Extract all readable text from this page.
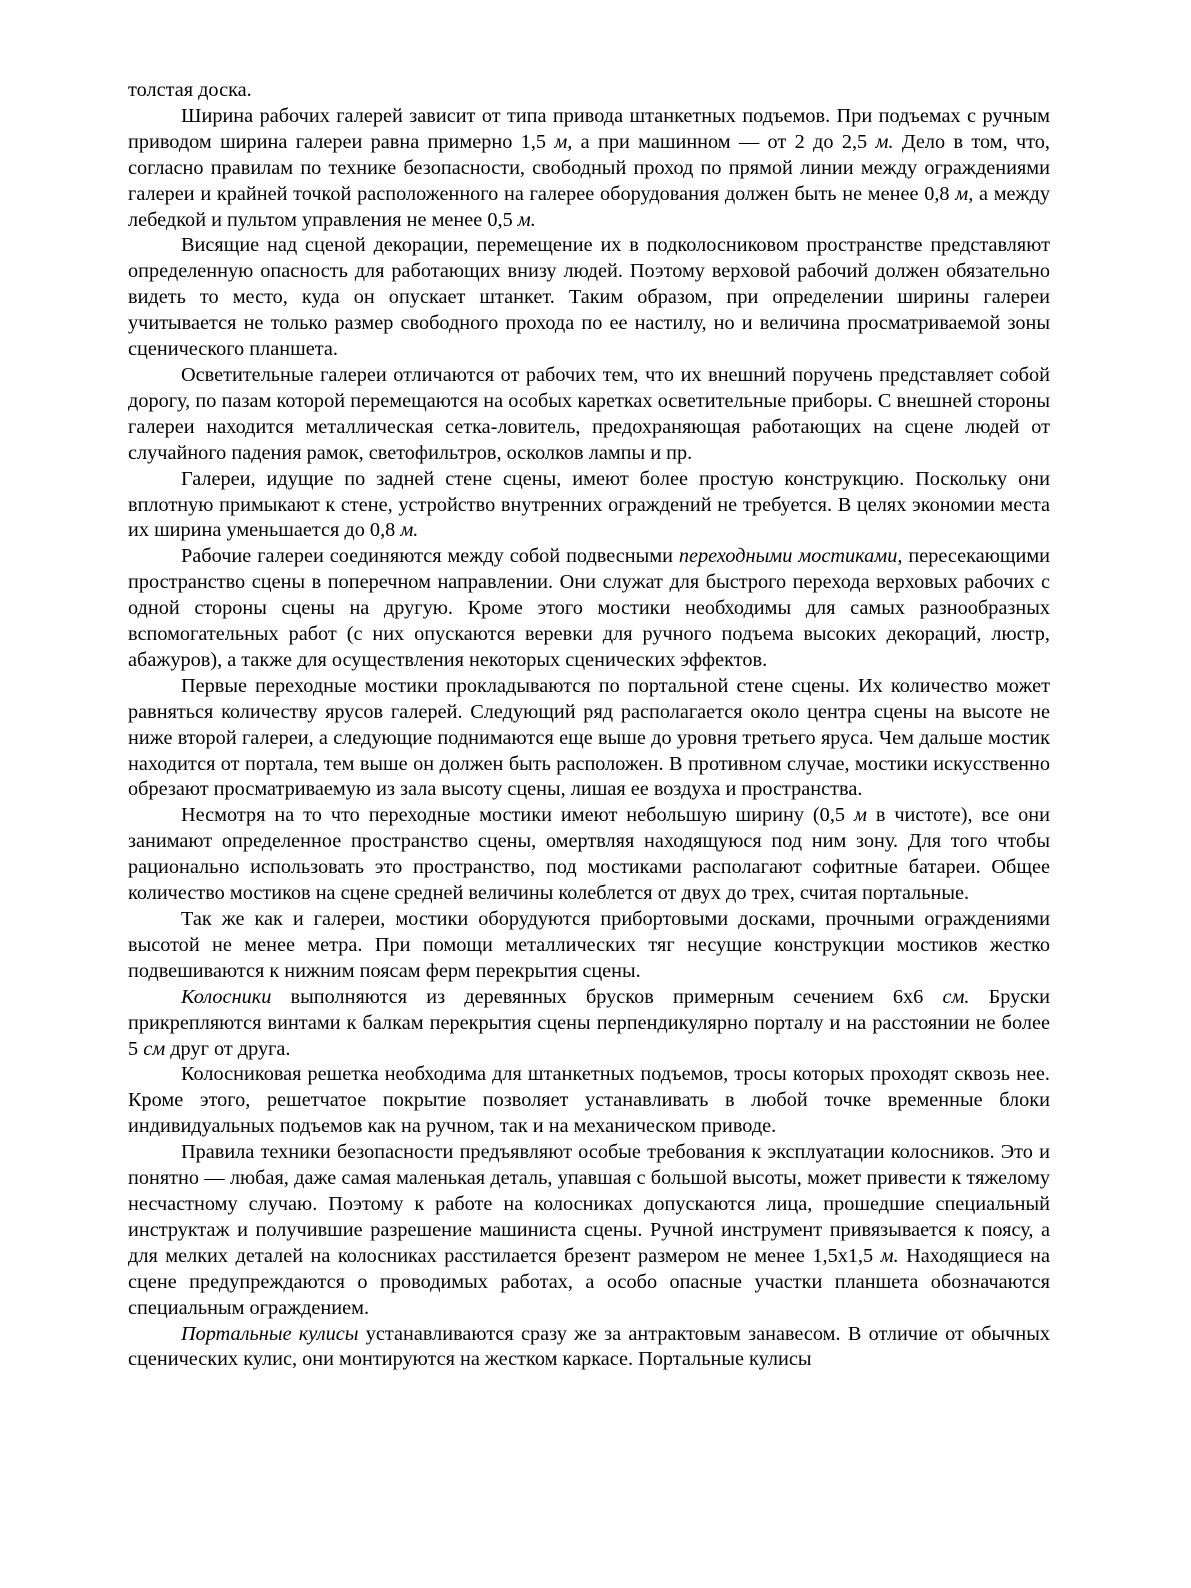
толстая доска.

Ширина рабочих галерей зависит от типа привода штанкетных подъемов. При подъемах с ручным приводом ширина галереи равна примерно 1,5 м, а при машинном — от 2 до 2,5 м. Дело в том, что, согласно правилам по технике безопасности, свободный проход по прямой линии между ограждениями галереи и крайней точкой расположенного на галерее оборудования должен быть не менее 0,8 м, а между лебедкой и пультом управления не менее 0,5 м.

Висящие над сценой декорации, перемещение их в подколосниковом пространстве представляют определенную опасность для работающих внизу людей. Поэтому верховой рабочий должен обязательно видеть то место, куда он опускает штанкет. Таким образом, при определении ширины галереи учитывается не только размер свободного прохода по ее настилу, но и величина просматриваемой зоны сценического планшета.

Осветительные галереи отличаются от рабочих тем, что их внешний поручень представляет собой дорогу, по пазам которой перемещаются на особых каретках осветительные приборы. С внешней стороны галереи находится металлическая сетка-ловитель, предохраняющая работающих на сцене людей от случайного падения рамок, светофильтров, осколков лампы и пр.

Галереи, идущие по задней стене сцены, имеют более простую конструкцию. Поскольку они вплотную примыкают к стене, устройство внутренних ограждений не требуется. В целях экономии места их ширина уменьшается до 0,8 м.

Рабочие галереи соединяются между собой подвесными переходными мостиками, пересекающими пространство сцены в поперечном направлении. Они служат для быстрого перехода верховых рабочих с одной стороны сцены на другую. Кроме этого мостики необходимы для самых разнообразных вспомогательных работ (с них опускаются веревки для ручного подъема высоких декораций, люстр, абажуров), а также для осуществления некоторых сценических эффектов.

Первые переходные мостики прокладываются по портальной стене сцены. Их количество может равняться количеству ярусов галерей. Следующий ряд располагается около центра сцены на высоте не ниже второй галереи, а следующие поднимаются еще выше до уровня третьего яруса. Чем дальше мостик находится от портала, тем выше он должен быть расположен. В противном случае, мостики искусственно обрезают просматриваемую из зала высоту сцены, лишая ее воздуха и пространства.

Несмотря на то что переходные мостики имеют небольшую ширину (0,5 м в чистоте), все они занимают определенное пространство сцены, омертвляя находящуюся под ним зону. Для того чтобы рационально использовать это пространство, под мостиками располагают софитные батареи. Общее количество мостиков на сцене средней величины колеблется от двух до трех, считая портальные.

Так же как и галереи, мостики оборудуются прибортовыми досками, прочными ограждениями высотой не менее метра. При помощи металлических тяг несущие конструкции мостиков жестко подвешиваются к нижним поясам ферм перекрытия сцены.

Колосники выполняются из деревянных брусков примерным сечением 6х6 см. Бруски прикрепляются винтами к балкам перекрытия сцены перпендикулярно порталу и на расстоянии не более 5 см друг от друга.

Колосниковая решетка необходима для штанкетных подъемов, тросы которых проходят сквозь нее. Кроме этого, решетчатое покрытие позволяет устанавливать в любой точке временные блоки индивидуальных подъемов как на ручном, так и на механическом приводе.

Правила техники безопасности предъявляют особые требования к эксплуатации колосников. Это и понятно — любая, даже самая маленькая деталь, упавшая с большой высоты, может привести к тяжелому несчастному случаю. Поэтому к работе на колосниках допускаются лица, прошедшие специальный инструктаж и получившие разрешение машиниста сцены. Ручной инструмент привязывается к поясу, а для мелких деталей на колосниках расстилается брезент размером не менее 1,5х1,5 м. Находящиеся на сцене предупреждаются о проводимых работах, а особо опасные участки планшета обозначаются специальным ограждением.

Портальные кулисы устанавливаются сразу же за антрактовым занавесом. В отличие от обычных сценических кулис, они монтируются на жестком каркасе. Портальные кулисы
